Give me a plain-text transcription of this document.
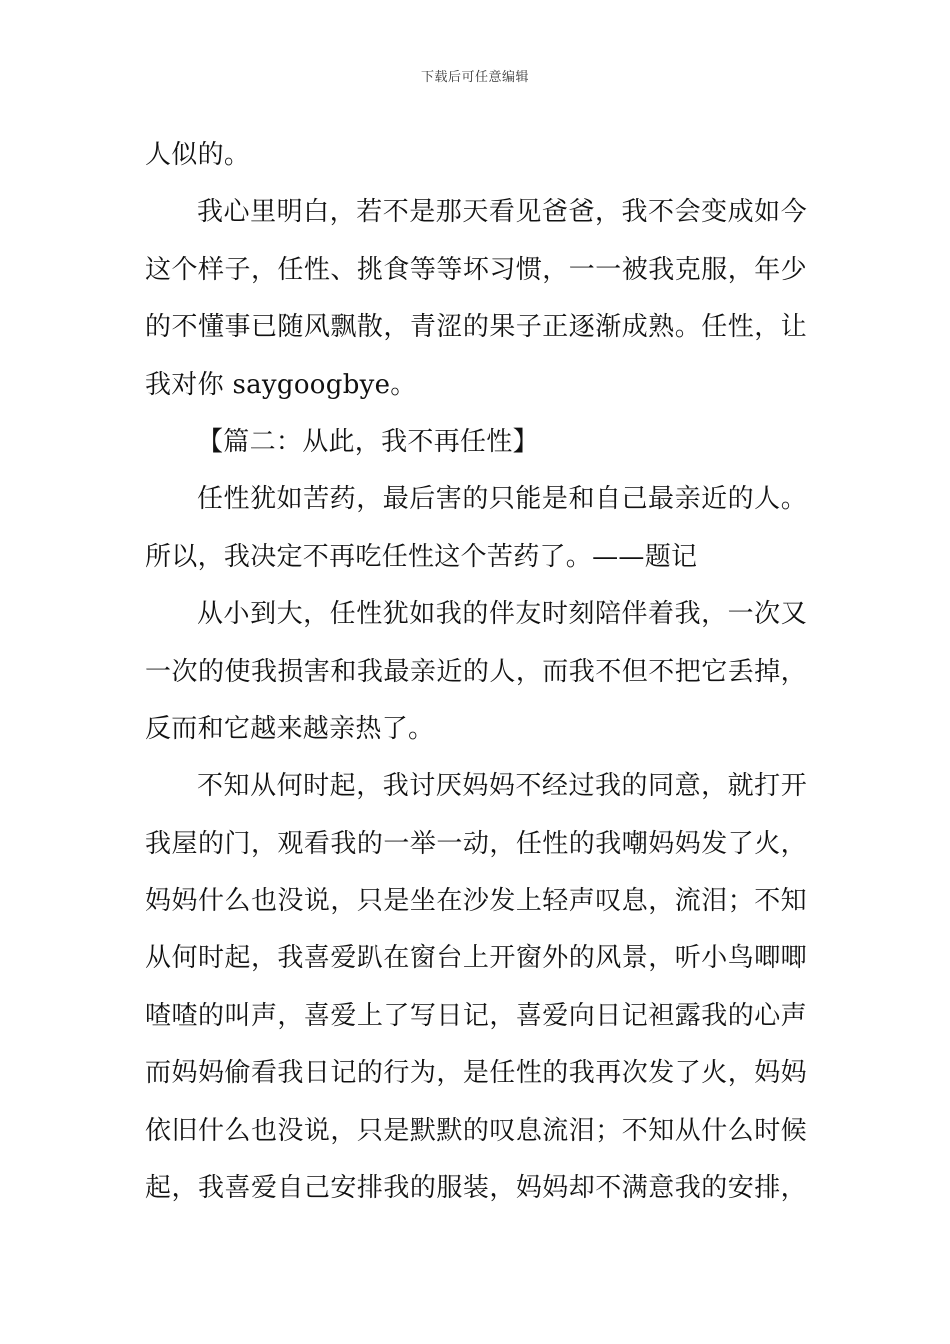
下载后可任意编辑
人似的。
我心里明白，若不是那天看见爸爸，我不会变成如今
这个样子，任性、挑食等等坏习惯，一一被我克服，年少
的不懂事已随风飘散，青涩的果子正逐渐成熟。任性，让
我对你 saygoogbye。
【篇二：从此，我不再任性】
任性犹如苦药，最后害的只能是和自己最亲近的人。
所以，我决定不再吃任性这个苦药了。——题记
从小到大，任性犹如我的伴友时刻陪伴着我，一次又
一次的使我损害和我最亲近的人，而我不但不把它丢掉，
反而和它越来越亲热了。
不知从何时起，我讨厌妈妈不经过我的同意，就打开
我屋的门，观看我的一举一动，任性的我嘲妈妈发了火，
妈妈什么也没说，只是坐在沙发上轻声叹息，流泪；不知
从何时起，我喜爱趴在窗台上开窗外的风景，听小鸟唧唧
喳喳的叫声，喜爱上了写日记，喜爱向日记袒露我的心声
而妈妈偷看我日记的行为，是任性的我再次发了火，妈妈
依旧什么也没说，只是默默的叹息流泪；不知从什么时候
起，我喜爱自己安排我的服装，妈妈却不满意我的安排，
